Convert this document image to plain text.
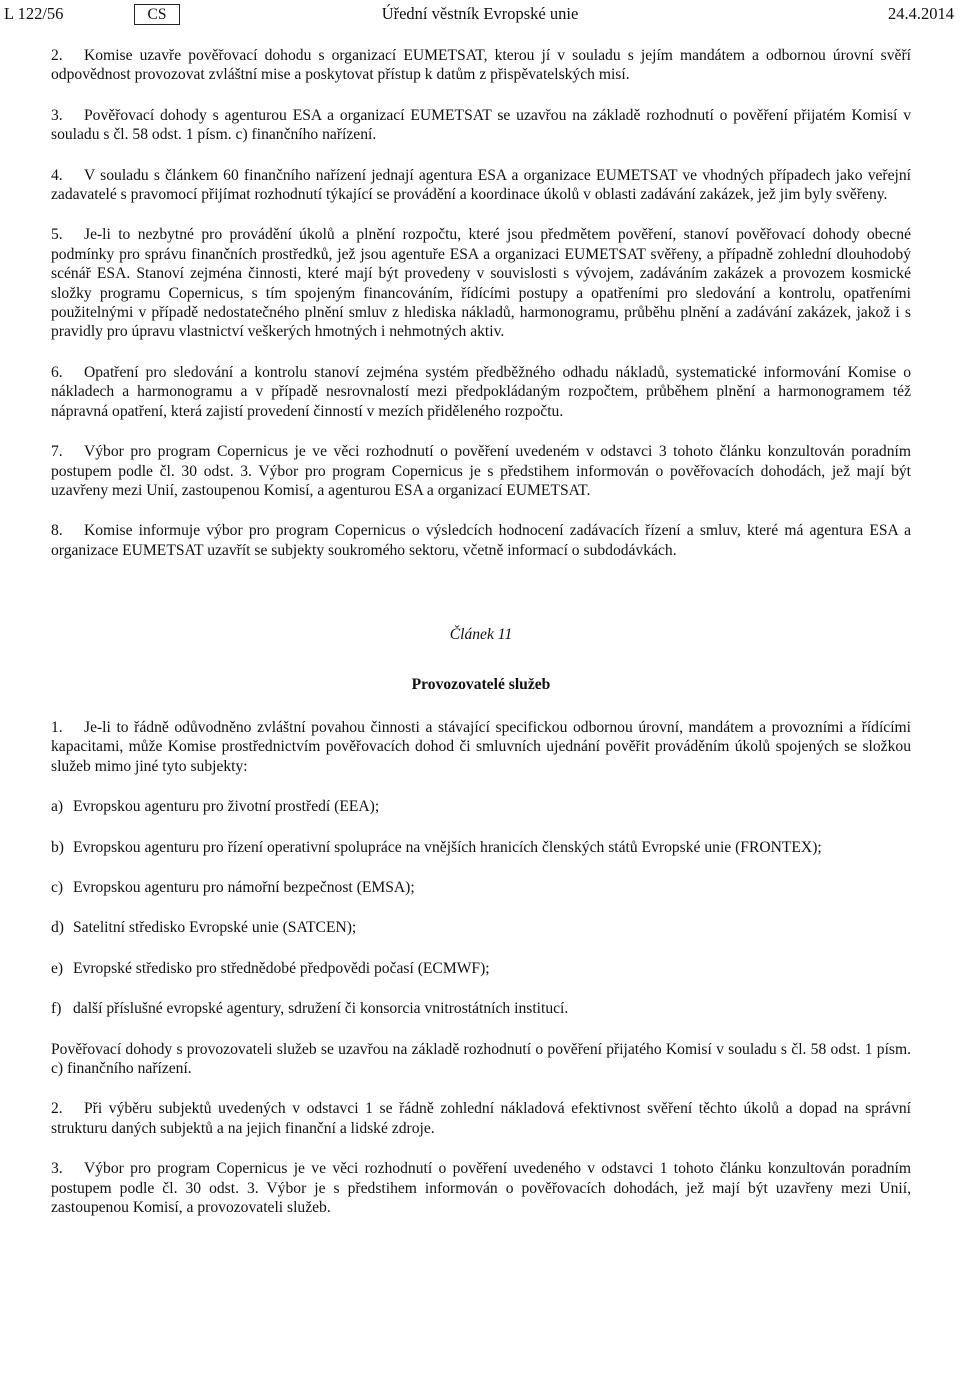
L 122/56	CS	Úřední věstník Evropské unie	24.4.2014

2. Komise uzavře pověřovací dohodu s organizací EUMETSAT, kterou jí v souladu s jejím mandátem a odbornou úrovní svěří odpovědnost provozovat zvláštní mise a poskytovat přístup k datům z přispěvatelských misí.

3. Pověřovací dohody s agenturou ESA a organizací EUMETSAT se uzavřou na základě rozhodnutí o pověření přijatém Komisí v souladu s čl. 58 odst. 1 písm. c) finančního nařízení.

4. V souladu s článkem 60 finančního nařízení jednají agentura ESA a organizace EUMETSAT ve vhodných případech jako veřejní zadavatelé s pravomocí přijímat rozhodnutí týkající se provádění a koordinace úkolů v oblasti zadávání zakázek, jež jim byly svěřeny.

5. Je-li to nezbytné pro provádění úkolů a plnění rozpočtu, které jsou předmětem pověření, stanoví pověřovací dohody obecné podmínky pro správu finančních prostředků, jež jsou agentuře ESA a organizaci EUMETSAT svěřeny, a případně zohlední dlouhodobý scénář ESA. Stanoví zejména činnosti, které mají být provedeny v souvislosti s vývojem, zadáváním zakázek a provozem kosmické složky programu Copernicus, s tím spojeným financováním, řídícími postupy a opatřeními pro sledování a kontrolu, opatřeními použitelnými v případě nedostatečného plnění smluv z hlediska nákladů, harmonogramu, průběhu plnění a zadávání zakázek, jakož i s pravidly pro úpravu vlastnictví veškerých hmotných i nehmotných aktiv.

6. Opatření pro sledování a kontrolu stanoví zejména systém předběžného odhadu nákladů, systematické informování Komise o nákladech a harmonogramu a v případě nesrovnalostí mezi předpokládaným rozpočtem, průběhem plnění a harmonogramem též nápravná opatření, která zajistí provedení činností v mezích přiděleného rozpočtu.

7. Výbor pro program Copernicus je ve věci rozhodnutí o pověření uvedeném v odstavci 3 tohoto článku konzultován poradním postupem podle čl. 30 odst. 3. Výbor pro program Copernicus je s předstihem informován o pověřovacích dohodách, jež mají být uzavřeny mezi Unií, zastoupenou Komisí, a agenturou ESA a organizací EUMETSAT.

8. Komise informuje výbor pro program Copernicus o výsledcích hodnocení zadávacích řízení a smluv, které má agentura ESA a organizace EUMETSAT uzavřít se subjekty soukromého sektoru, včetně informací o subdodávkách.

Článek 11

Provozovatelé služeb

1. Je-li to řádně odůvodněno zvláštní povahou činnosti a stávající specifickou odbornou úrovní, mandátem a provozními a řídícími kapacitami, může Komise prostřednictvím pověřovacích dohod či smluvních ujednání pověřit prováděním úkolů spojených se složkou služeb mimo jiné tyto subjekty:

a) Evropskou agenturu pro životní prostředí (EEA);
b) Evropskou agenturu pro řízení operativní spolupráce na vnějších hranicích členských států Evropské unie (FRONTEX);
c) Evropskou agenturu pro námořní bezpečnost (EMSA);
d) Satelitní středisko Evropské unie (SATCEN);
e) Evropské středisko pro střednědobé předpovědi počasí (ECMWF);
f) další příslušné evropské agentury, sdružení či konsorcia vnitrostátních institucí.

Pověřovací dohody s provozovateli služeb se uzavřou na základě rozhodnutí o pověření přijatého Komisí v souladu s čl. 58 odst. 1 písm. c) finančního nařízení.

2. Při výběru subjektů uvedených v odstavci 1 se řádně zohlední nákladová efektivnost svěření těchto úkolů a dopad na správní strukturu daných subjektů a na jejich finanční a lidské zdroje.

3. Výbor pro program Copernicus je ve věci rozhodnutí o pověření uvedeného v odstavci 1 tohoto článku konzultován poradním postupem podle čl. 30 odst. 3. Výbor je s předstihem informován o pověřovacích dohodách, jež mají být uzavřeny mezi Unií, zastoupenou Komisí, a provozovateli služeb.
